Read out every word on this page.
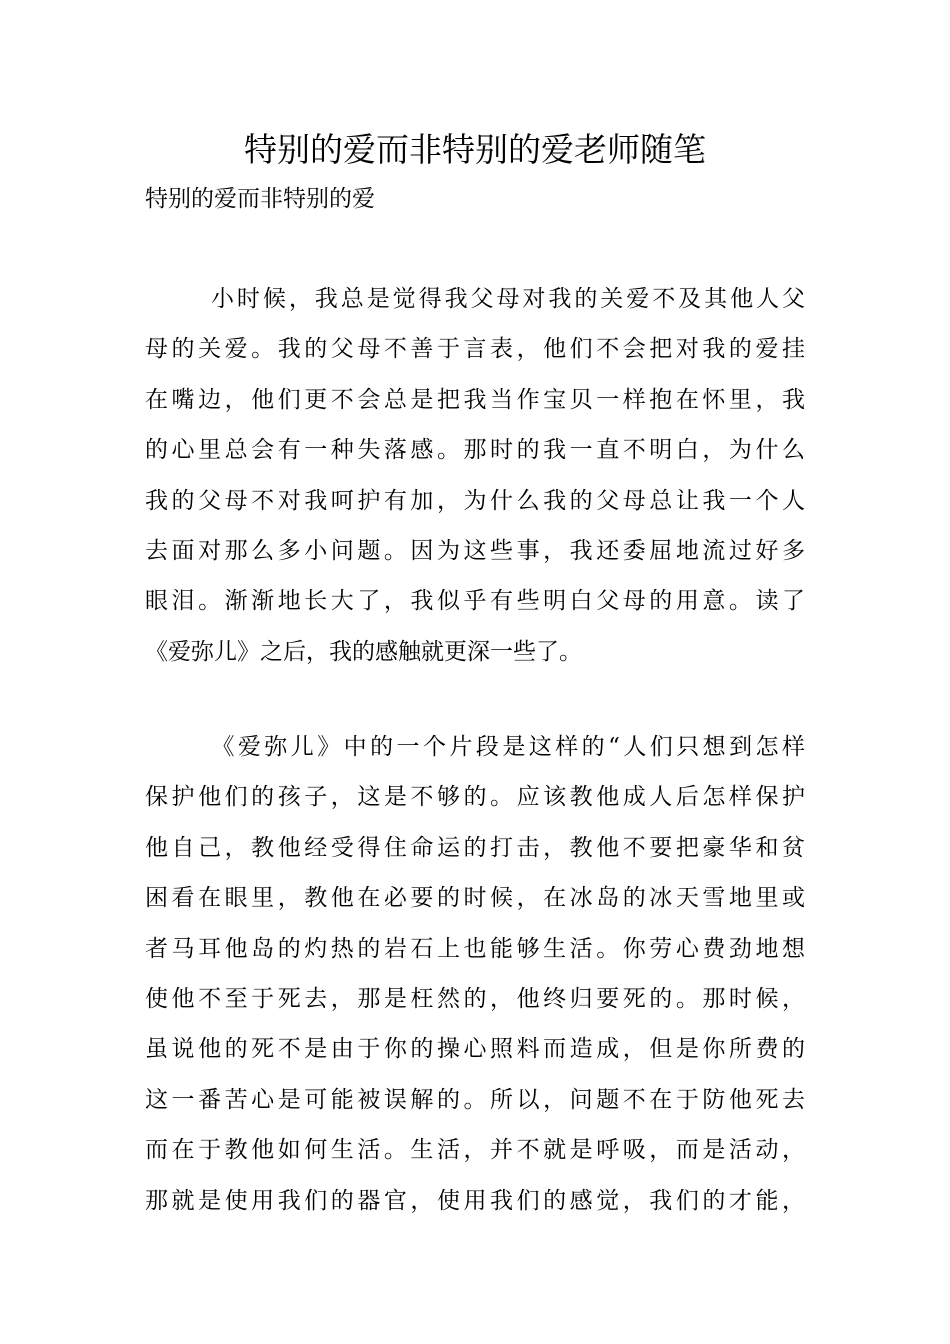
特别的爱而非特别的爱老师随笔
特别的爱而非特别的爱
小时候，我总是觉得我父母对我的关爱不及其他人父
母的关爱。我的父母不善于言表，他们不会把对我的爱挂
在嘴边，他们更不会总是把我当作宝贝一样抱在怀里，我
的心里总会有一种失落感。那时的我一直不明白，为什么
我的父母不对我呵护有加，为什么我的父母总让我一个人
去面对那么多小问题。因为这些事，我还委屈地流过好多
眼泪。渐渐地长大了，我似乎有些明白父母的用意。读了
《爱弥儿》之后，我的感触就更深一些了。
《爱弥儿》中的一个片段是这样的“人们只想到怎样
保护他们的孩子，这是不够的。应该教他成人后怎样保护
他自己，教他经受得住命运的打击，教他不要把豪华和贫
困看在眼里，教他在必要的时候，在冰岛的冰天雪地里或
者马耳他岛的灼热的岩石上也能够生活。你劳心费劲地想
使他不至于死去，那是枉然的，他终归要死的。那时候，
虽说他的死不是由于你的操心照料而造成，但是你所费的
这一番苦心是可能被误解的。所以，问题不在于防他死去
而在于教他如何生活。生活，并不就是呼吸，而是活动，
那就是使用我们的器官，使用我们的感觉，我们的才能，
